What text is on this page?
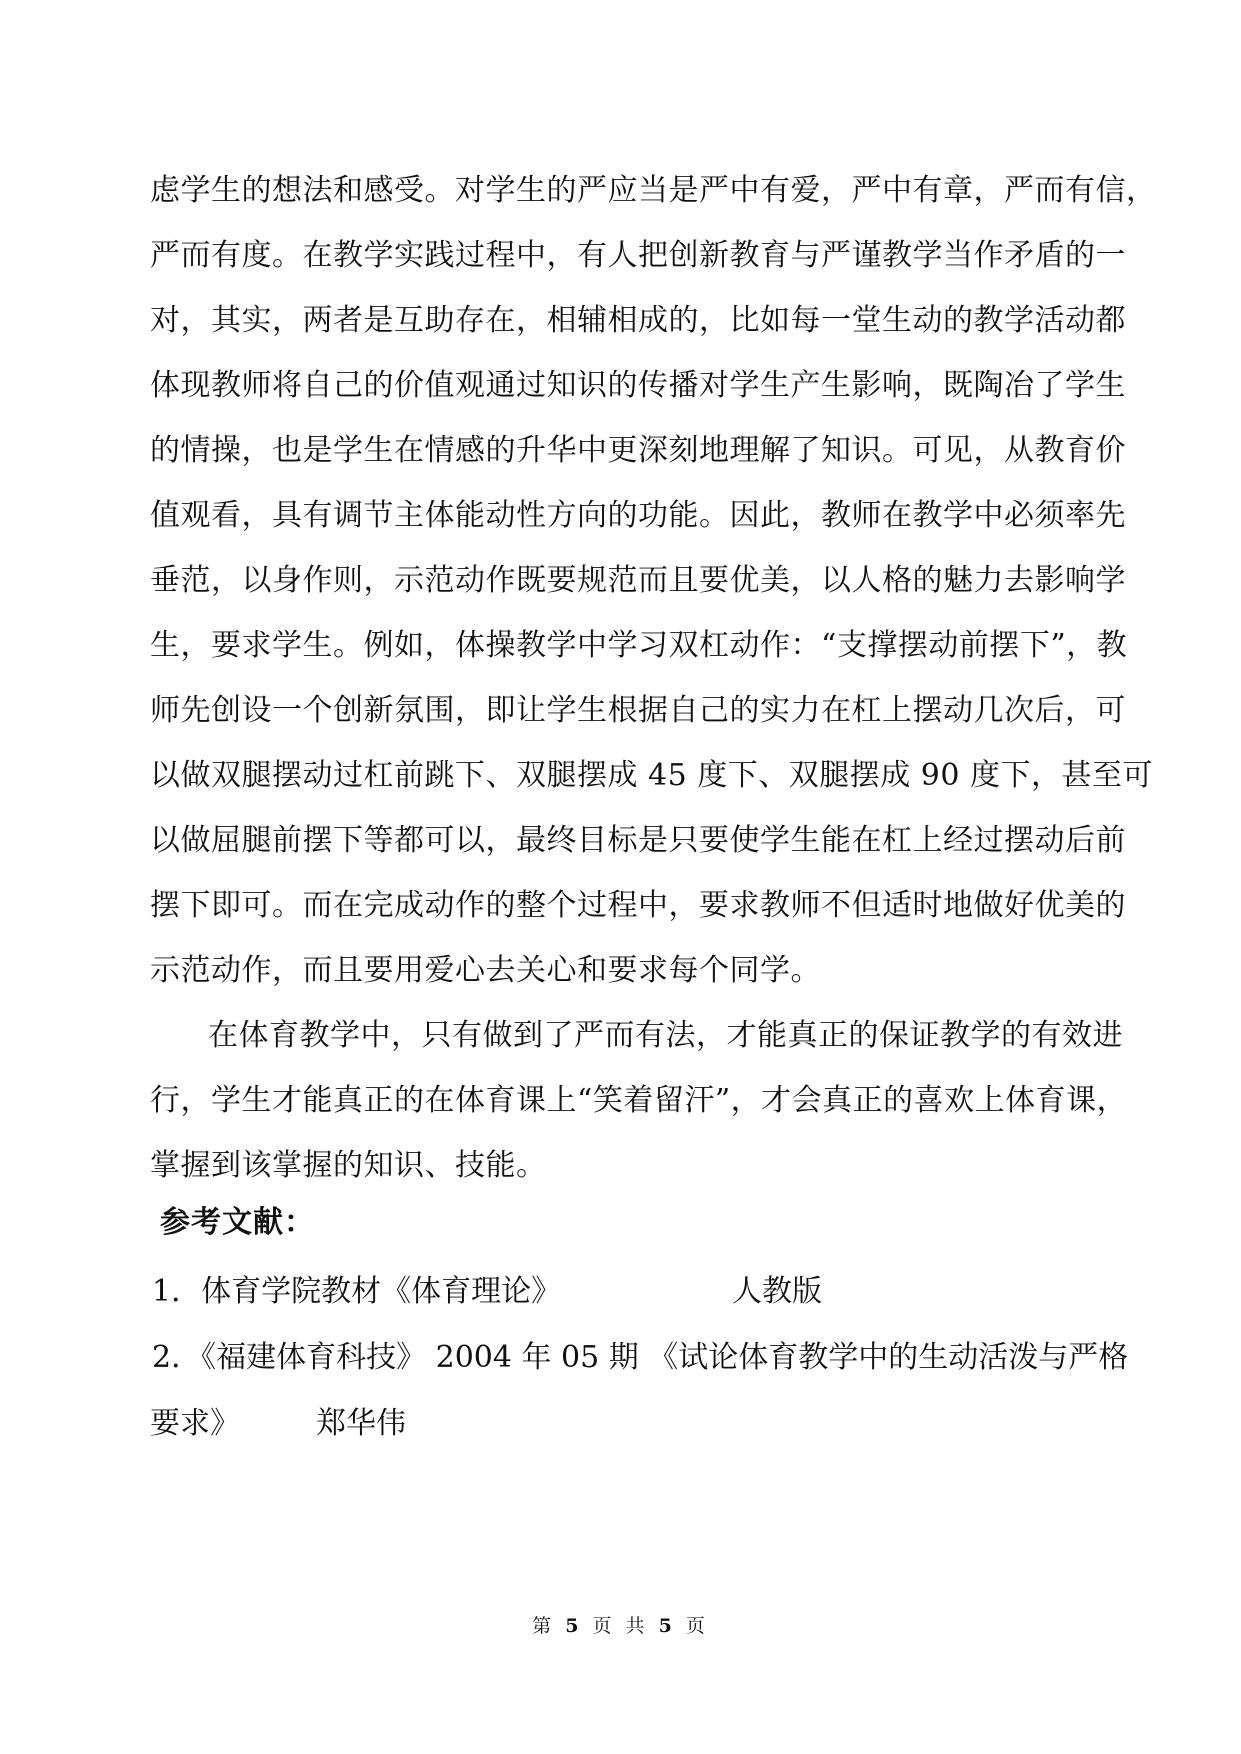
虑学生的想法和感受。对学生的严应当是严中有爱，严中有章，严而有信，
严而有度。在教学实践过程中，有人把创新教育与严谨教学当作矛盾的一
对，其实，两者是互助存在，相辅相成的，比如每一堂生动的教学活动都
体现教师将自己的价值观通过知识的传播对学生产生影响，既陶冶了学生
的情操，也是学生在情感的升华中更深刻地理解了知识。可见，从教育价
值观看，具有调节主体能动性方向的功能。因此，教师在教学中必须率先
垂范，以身作则，示范动作既要规范而且要优美，以人格的魅力去影响学
生，要求学生。例如，体操教学中学习双杠动作：“支撑摆动前摆下”，教
师先创设一个创新氛围，即让学生根据自己的实力在杠上摆动几次后，可
以做双腿摆动过杠前跳下、双腿摆成 45 度下、双腿摆成 90 度下，甚至可
以做屈腿前摆下等都可以，最终目标是只要使学生能在杠上经过摆动后前
摆下即可。而在完成动作的整个过程中，要求教师不但适时地做好优美的
示范动作，而且要用爱心去关心和要求每个同学。
在体育教学中，只有做到了严而有法，才能真正的保证教学的有效进
行，学生才能真正的在体育课上“笑着留汗”，才会真正的喜欢上体育课，
掌握到该掌握的知识、技能。
参考文献：
1．体育学院教材《体育理论》	人教版
2．《福建体育科技》 2004 年 05 期 《试论体育教学中的生动活泼与严格
要求》	郑华伟
第 5 页 共 5 页
